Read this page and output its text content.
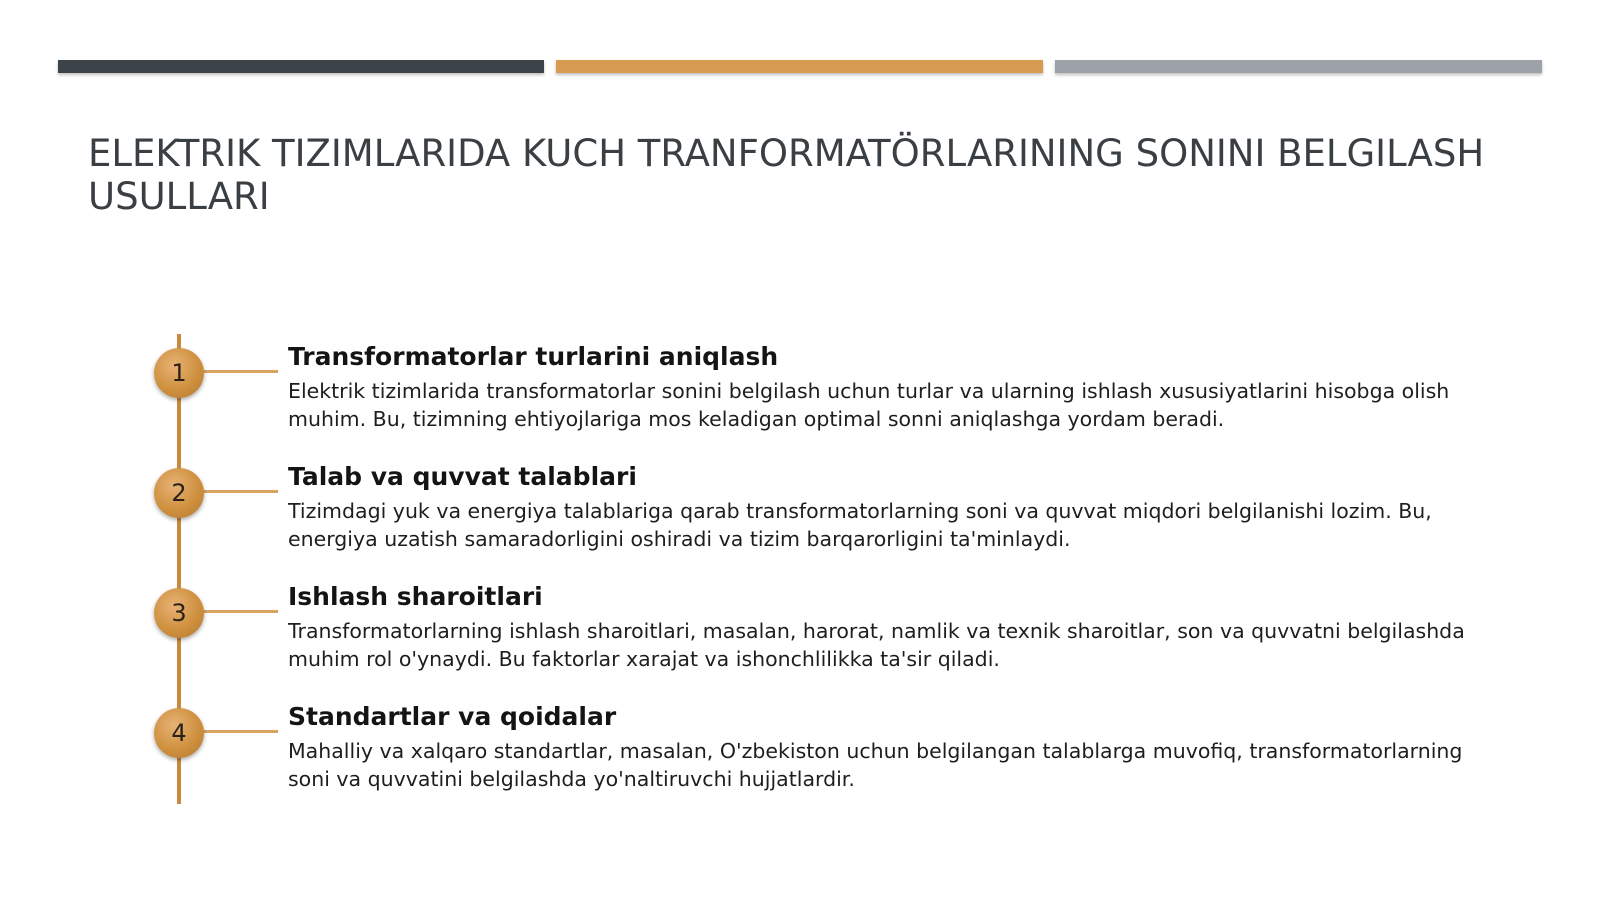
ELEKTRIK TIZIMLARIDA KUCH TRANFORMATÖRLARINING SONINI BELGILASH USULLARI
1
Transformatorlar turlarini aniqlash

Elektrik tizimlarida transformatorlar sonini belgilash uchun turlar va ularning ishlash xususiyatlarini hisobga olish muhim. Bu, tizimning ehtiyojlariga mos keladigan optimal sonni aniqlashga yordam beradi.

2
Talab va quvvat talablari

Tizimdagi yuk va energiya talablariga qarab transformatorlarning soni va quvvat miqdori belgilanishi lozim. Bu, energiya uzatish samaradorligini oshiradi va tizim barqarorligini ta'minlaydi.

3
Ishlash sharoitlari

Transformatorlarning ishlash sharoitlari, masalan, harorat, namlik va texnik sharoitlar, son va quvvatni belgilashda muhim rol o'ynaydi. Bu faktorlar xarajat va ishonchlilikka ta'sir qiladi.

4
Standartlar va qoidalar

Mahalliy va xalqaro standartlar, masalan, O'zbekiston uchun belgilangan talablarga muvofiq, transformatorlarning soni va quvvatini belgilashda yo'naltiruvchi hujjatlardir.
